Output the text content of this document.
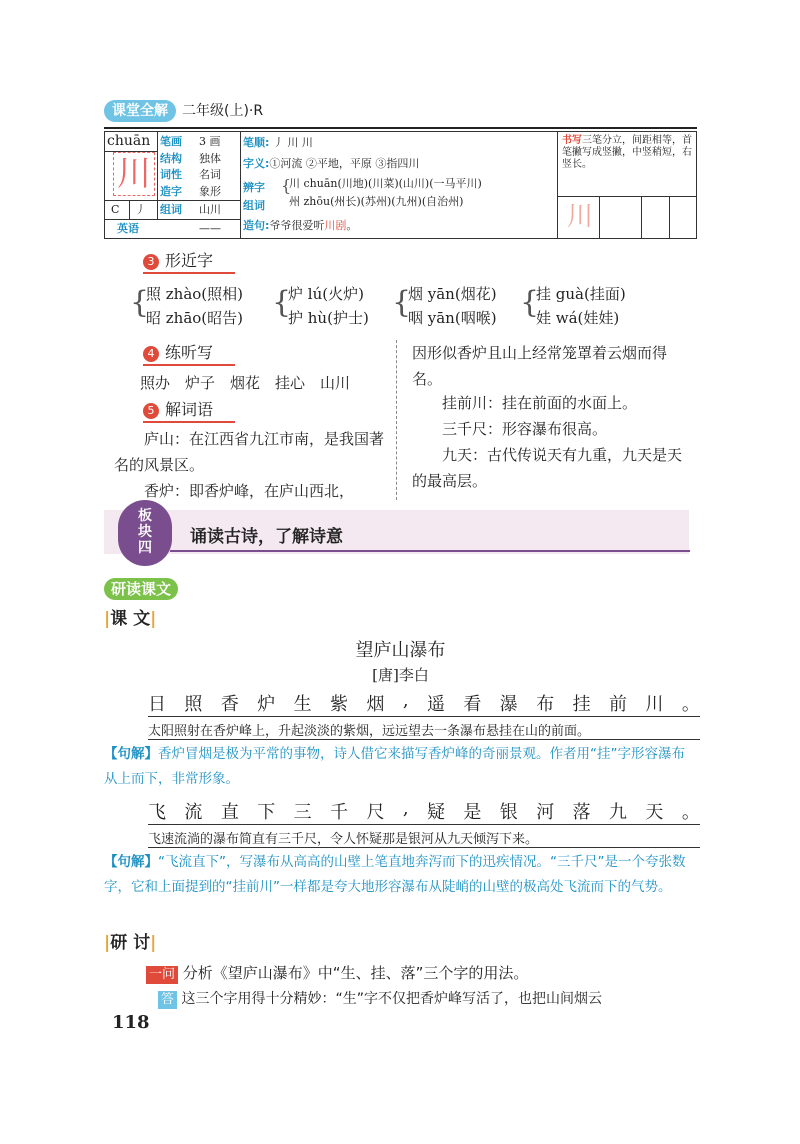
课堂全解	二年级(上)·R
chuān
川
C 丿
笔画 3 画
结构 独体
词性 名词
造字 象形
组词 山川
英语	——
笔顺: 丿 川 川
字义:①河流 ②平地，平原 ③指四川
辨字 {
川 chuān(川地)(川菜)(山川)(一马平川)
州 zhōu(州长)(苏州)(九州)(自治州)
组词
造句:爷爷很爱听川剧。
书写三笔分立，间距相等，首笔撇写成竖撇，中竖稍短，右竖长。
川
3 形近字
{
照 zhào(照相)
昭 zhāo(昭告) {
炉 lú(火炉)
护 hù(护士) {
烟 yān(烟花)
咽 yān(咽喉) {
挂 guà(挂面)
娃 wá(娃娃)
4 练听写
照办　炉子　烟花　挂心　山川
5 解词语
庐山：在江西省九江市南，是我国著名的风景区。
香炉：即香炉峰，在庐山西北，
因形似香炉且山上经常笼罩着云烟而得名。
挂前川：挂在前面的水面上。
三千尺：形容瀑布很高。
九天：古代传说天有九重，九天是天的最高层。
板
块
四
诵读古诗，了解诗意
研读课文
|课 文|
望庐山瀑布
[唐]李白
日 照 香 炉 生 紫 烟 , 遥 看 瀑 布 挂 前 川 。
太阳照射在香炉峰上，升起淡淡的紫烟，远远望去一条瀑布悬挂在山的前面。
【句解】香炉冒烟是极为平常的事物，诗人借它来描写香炉峰的奇丽景观。作者用“挂”字形容瀑布从上而下，非常形象。
飞 流 直 下 三 千 尺 , 疑 是 银 河 落 九 天 。
飞速流淌的瀑布简直有三千尺，令人怀疑那是银河从九天倾泻下来。
【句解】“飞流直下”，写瀑布从高高的山壁上笔直地奔泻而下的迅疾情况。“三千尺”是一个夸张数字，它和上面提到的“挂前川”一样都是夸大地形容瀑布从陡峭的山壁的极高处飞流而下的气势。
|研 讨|
一问 分析《望庐山瀑布》中“生、挂、落”三个字的用法。
答 这三个字用得十分精妙：“生”字不仅把香炉峰写活了，也把山间烟云
118
